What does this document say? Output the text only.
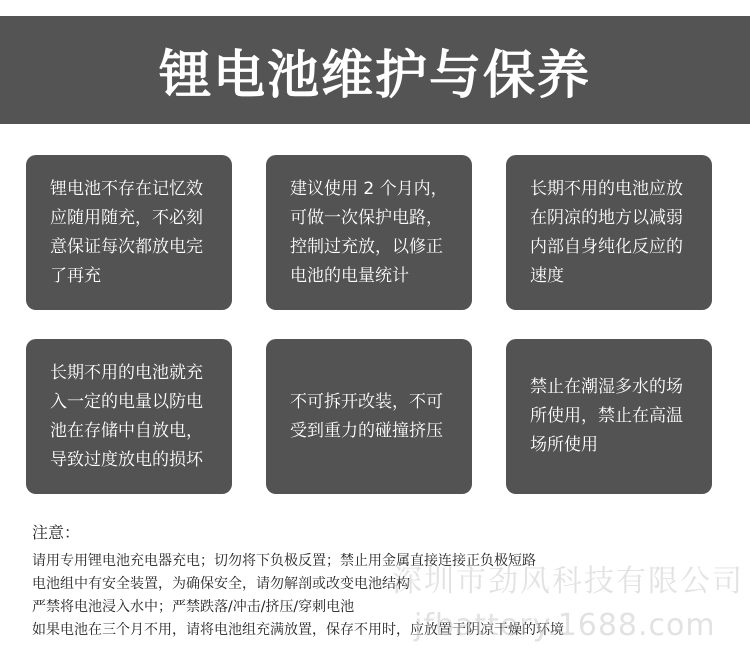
锂电池维护与保养

锂电池不存在记忆效应随用随充，不必刻意保证每次都放电完了再充

建议使用 2 个月内，可做一次保护电路，控制过充放，以修正电池的电量统计

长期不用的电池应放在阴凉的地方以减弱内部自身纯化反应的速度

长期不用的电池就充入一定的电量以防电池在存储中自放电，导致过度放电的损坏

不可拆开改装，不可受到重力的碰撞挤压

禁止在潮湿多水的场所使用，禁止在高温场所使用

注意：
请用专用锂电池充电器充电；切勿将下负极反置；禁止用金属直接连接正负极短路
电池组中有安全装置，为确保安全，请勿解剖或改变电池结构
严禁将电池浸入水中；严禁跌落/冲击/挤压/穿刺电池
如果电池在三个月不用，请将电池组充满放置，保存不用时，应放置于阴凉干燥的环境
深圳市劲风科技有限公司
jfbattery.1688.com
